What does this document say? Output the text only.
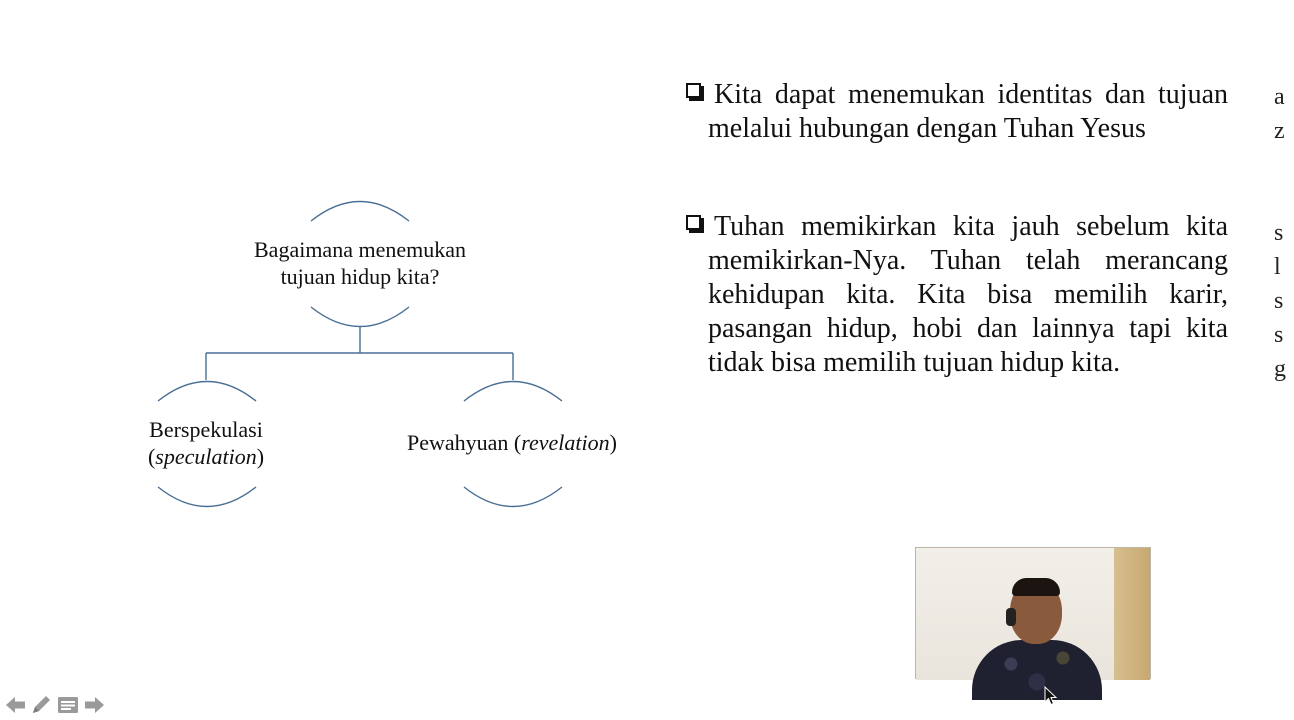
Bagaimana menemukan
tujuan hidup kita?
Berspekulasi
(speculation)
Pewahyuan (revelation)

Kita dapat menemukan identitas dan tujuan melalui hubungan dengan Tuhan Yesus

Tuhan memikirkan kita jauh sebelum kita memikirkan-Nya. Tuhan telah merancang kehidupan kita. Kita bisa memilih karir, pasangan hidup, hobi dan lainnya tapi kita tidak bisa memilih tujuan hidup kita.

a
z
s
l
s
s
g
